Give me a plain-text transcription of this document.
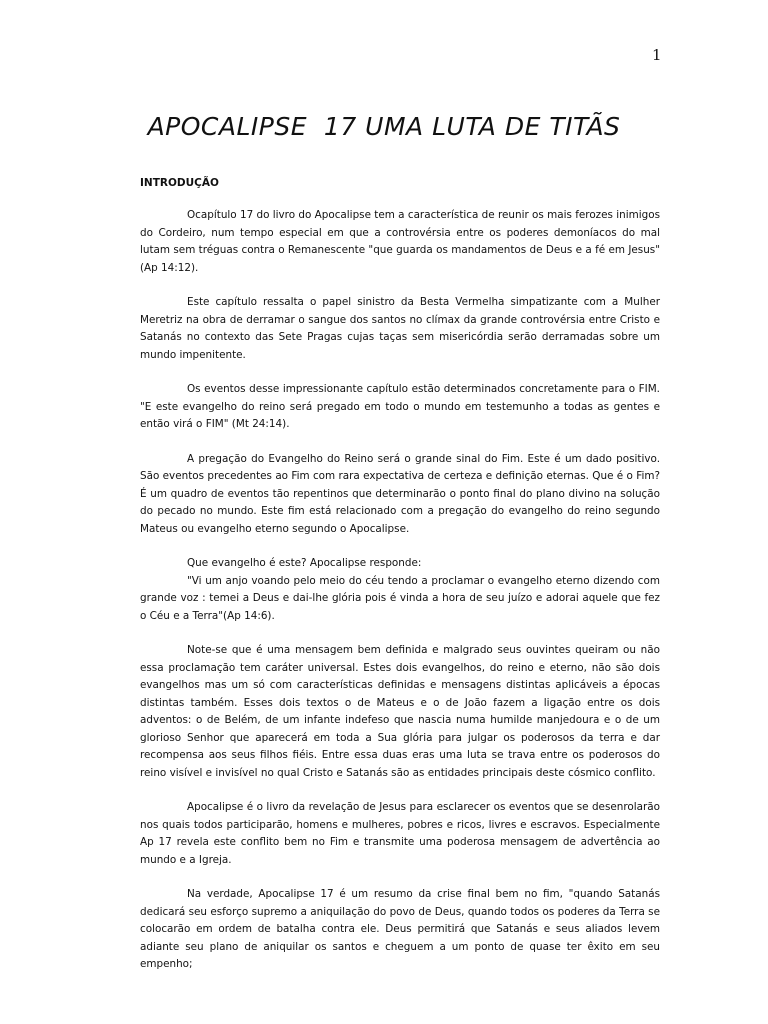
1
APOCALIPSE  17 UMA LUTA DE TITÃS
INTRODUÇÃO

Ocapítulo 17 do livro do Apocalipse tem a característica de reunir os mais ferozes inimigos do Cordeiro, num tempo especial em que a controvérsia entre os poderes demoníacos do mal lutam sem tréguas contra o Remanescente "que guarda os mandamentos de Deus e a fé em Jesus"(Ap 14:12).

Este capítulo ressalta o papel sinistro da Besta Vermelha simpatizante com a Mulher Meretriz na obra de derramar o sangue dos santos no clímax da grande controvérsia entre Cristo e Satanás no contexto das Sete Pragas cujas taças sem misericórdia serão derramadas sobre um mundo impenitente.

Os eventos desse impressionante capítulo estão determinados concretamente para o FIM. "E este evangelho do reino será pregado em todo o mundo em testemunho a todas as gentes e então virá o FIM" (Mt 24:14).

A pregação do Evangelho do Reino será o grande sinal do Fim. Este é um dado positivo. São eventos precedentes ao Fim com rara expectativa de certeza e definição eternas. Que é o Fim? É um quadro de eventos tão repentinos que determinarão o ponto final do plano divino na solução do pecado no mundo. Este fim está relacionado com a pregação do evangelho do reino segundo Mateus ou evangelho eterno segundo o Apocalipse.

Que evangelho é este? Apocalipse responde:

"Vi um anjo voando pelo meio do céu tendo a proclamar o evangelho eterno dizendo com grande voz : temei a Deus e dai-lhe glória pois é vinda a hora de seu juízo e adorai aquele que fez o Céu e a Terra"(Ap 14:6).

Note-se que é uma mensagem bem definida e malgrado seus ouvintes queiram ou não essa proclamação tem caráter universal. Estes dois evangelhos, do reino e eterno, não são dois evangelhos mas um só com características definidas e mensagens distintas aplicáveis a épocas distintas também. Esses dois textos o de Mateus e o de João fazem a ligação entre os dois adventos: o de Belém, de um infante indefeso que nascia numa humilde manjedoura e o de um glorioso Senhor que aparecerá em toda a Sua glória para julgar os poderosos da terra e dar recompensa aos seus filhos fiéis. Entre essa duas eras uma luta se trava entre os poderosos do reino visível e invisível no qual Cristo e Satanás são as entidades principais deste cósmico conflito.

Apocalipse é o livro da revelação de Jesus para esclarecer os eventos que se desenrolarão nos quais todos participarão, homens e mulheres, pobres e ricos, livres e escravos. Especialmente Ap 17 revela este conflito bem no Fim e transmite uma poderosa mensagem de advertência ao mundo e a Igreja.

Na verdade, Apocalipse 17 é um resumo da crise final bem no fim, "quando Satanás dedicará seu esforço supremo a aniquilação do povo de Deus, quando todos os poderes da Terra se colocarão em ordem de batalha contra ele. Deus permitirá que Satanás e seus aliados levem adiante seu plano de aniquilar os santos e cheguem a um ponto de quase ter êxito em seu empenho;
